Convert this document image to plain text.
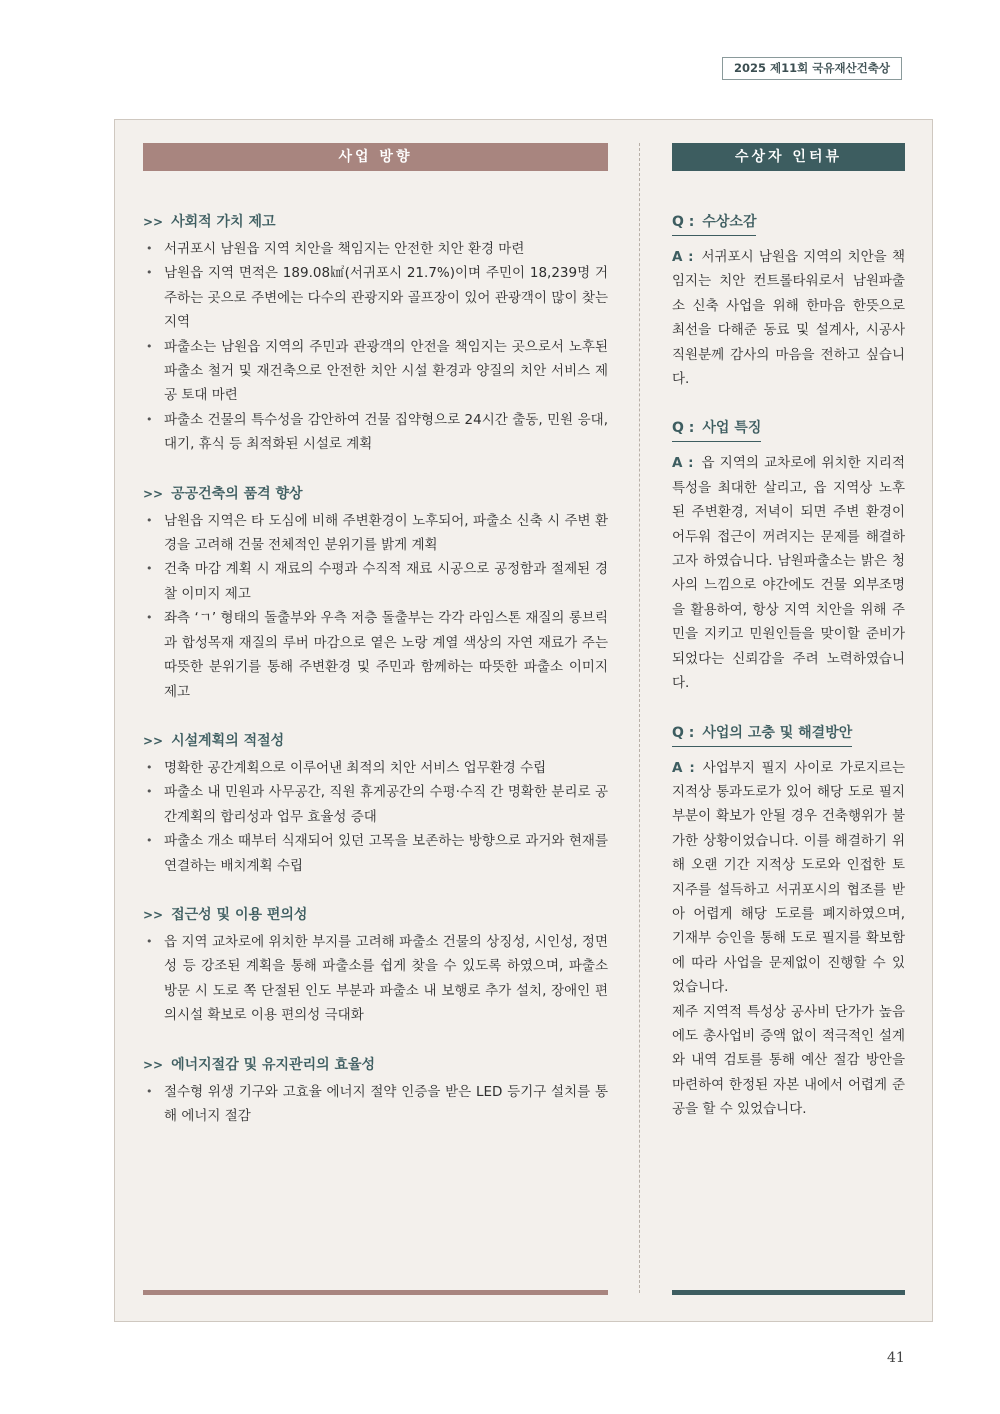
2025 제11회 국유재산건축상
사업 방향
>> 사회적 가치 제고
• 서귀포시 남원읍 지역 치안을 책임지는 안전한 치안 환경 마련
• 남원읍 지역 면적은 189.08㎢(서귀포시 21.7%)이며 주민이 18,239명 거주하는 곳으로 주변에는 다수의 관광지와 골프장이 있어 관광객이 많이 찾는 지역
• 파출소는 남원읍 지역의 주민과 관광객의 안전을 책임지는 곳으로서 노후된 파출소 철거 및 재건축으로 안전한 치안 시설 환경과 양질의 치안 서비스 제공 토대 마련
• 파출소 건물의 특수성을 감안하여 건물 집약형으로 24시간 출동, 민원 응대, 대기, 휴식 등 최적화된 시설로 계획
>> 공공건축의 품격 향상
• 남원읍 지역은 타 도심에 비해 주변환경이 노후되어, 파출소 신축 시 주변 환경을 고려해 건물 전체적인 분위기를 밝게 계획
• 건축 마감 계획 시 재료의 수평과 수직적 재료 시공으로 공정함과 절제된 경찰 이미지 제고
• 좌측 ‘ㄱ’ 형태의 돌출부와 우측 저층 돌출부는 각각 라임스톤 재질의 롱브릭과 합성목재 재질의 루버 마감으로 옅은 노랑 계열 색상의 자연 재료가 주는 따뜻한 분위기를 통해 주변환경 및 주민과 함께하는 따뜻한 파출소 이미지 제고
>> 시설계획의 적절성
• 명확한 공간계획으로 이루어낸 최적의 치안 서비스 업무환경 수립
• 파출소 내 민원과 사무공간, 직원 휴게공간의 수평·수직 간 명확한 분리로 공간계획의 합리성과 업무 효율성 증대
• 파출소 개소 때부터 식재되어 있던 고목을 보존하는 방향으로 과거와 현재를 연결하는 배치계획 수립
>> 접근성 및 이용 편의성
• 읍 지역 교차로에 위치한 부지를 고려해 파출소 건물의 상징성, 시인성, 정면성 등 강조된 계획을 통해 파출소를 쉽게 찾을 수 있도록 하였으며, 파출소 방문 시 도로 쪽 단절된 인도 부분과 파출소 내 보행로 추가 설치, 장애인 편의시설 확보로 이용 편의성 극대화
>> 에너지절감 및 유지관리의 효율성
• 절수형 위생 기구와 고효율 에너지 절약 인증을 받은 LED 등기구 설치를 통해 에너지 절감
수상자 인터뷰
Q : 수상소감

A : 서귀포시 남원읍 지역의 치안을 책임지는 치안 컨트롤타워로서 남원파출소 신축 사업을 위해 한마음 한뜻으로 최선을 다해준 동료 및 설계사, 시공사 직원분께 감사의 마음을 전하고 싶습니다.

Q : 사업 특징

A : 읍 지역의 교차로에 위치한 지리적 특성을 최대한 살리고, 읍 지역상 노후된 주변환경, 저녁이 되면 주변 환경이 어두워 접근이 꺼려지는 문제를 해결하고자 하였습니다. 남원파출소는 밝은 청사의 느낌으로 야간에도 건물 외부조명을 활용하여, 항상 지역 치안을 위해 주민을 지키고 민원인들을 맞이할 준비가 되었다는 신뢰감을 주려 노력하였습니다.

Q : 사업의 고충 및 해결방안

A : 사업부지 필지 사이로 가로지르는 지적상 통과도로가 있어 해당 도로 필지 부분이 확보가 안될 경우 건축행위가 불가한 상황이었습니다. 이를 해결하기 위해 오랜 기간 지적상 도로와 인접한 토지주를 설득하고 서귀포시의 협조를 받아 어렵게 해당 도로를 폐지하였으며, 기재부 승인을 통해 도로 필지를 확보함에 따라 사업을 문제없이 진행할 수 있었습니다.

제주 지역적 특성상 공사비 단가가 높음에도 총사업비 증액 없이 적극적인 설계와 내역 검토를 통해 예산 절감 방안을 마련하여 한정된 자본 내에서 어렵게 준공을 할 수 있었습니다.

41
